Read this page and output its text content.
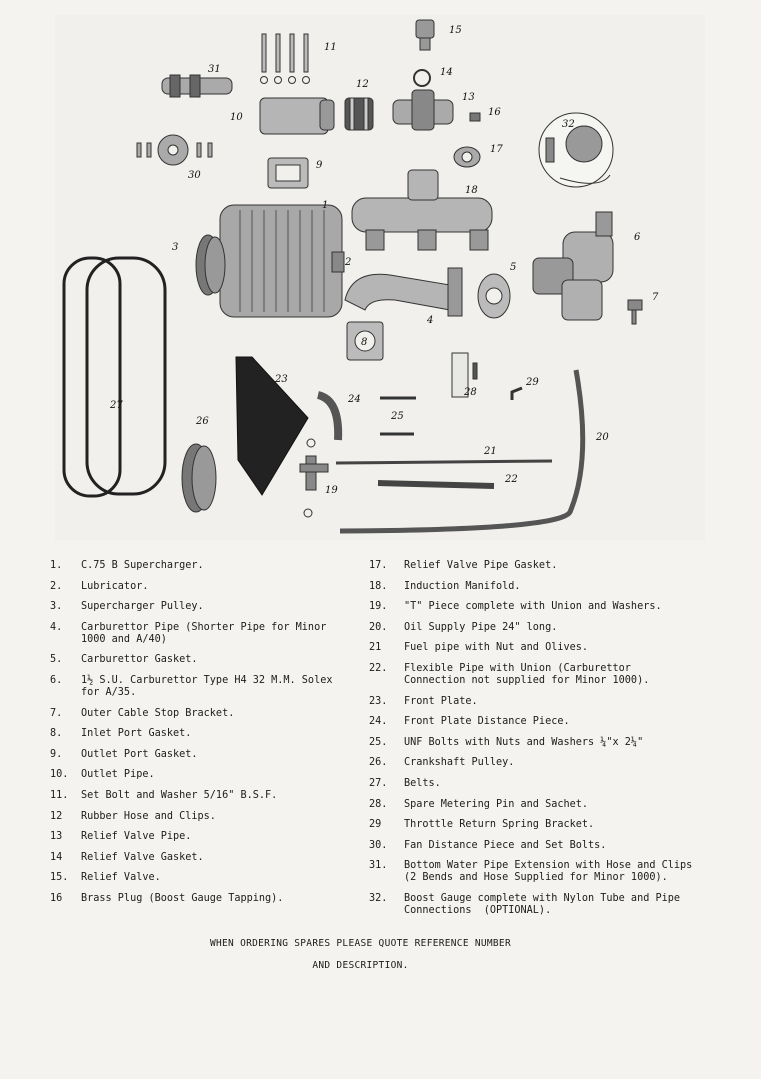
1
2
3
4
5
6
7
8
9
10
11
12
13
14
15
16
17
18
19
20
21
22
23
24
25
26
27
28
29
30
31
32
1. C.75 B Supercharger.
2. Lubricator.
3. Supercharger Pulley.
4. Carburettor Pipe (Shorter Pipe for Minor
1000 and A/40)
5. Carburettor Gasket.
6. 1½ S.U. Carburettor Type H4 32 M.M. Solex
for A/35.
7. Outer Cable Stop Bracket.
8. Inlet Port Gasket.
9. Outlet Port Gasket.
10. Outlet Pipe.
11. Set Bolt and Washer 5/16" B.S.F.
12 Rubber Hose and Clips.
13 Relief Valve Pipe.
14 Relief Valve Gasket.
15. Relief Valve.
16 Brass Plug (Boost Gauge Tapping).
17. Relief Valve Pipe Gasket.
18. Induction Manifold.
19. "T" Piece complete with Union and Washers.
20. Oil Supply Pipe 24" long.
21 Fuel pipe with Nut and Olives.
22. Flexible Pipe with Union (Carburettor
Connection not supplied for Minor 1000).
23. Front Plate.
24. Front Plate Distance Piece.
25. UNF Bolts with Nuts and Washers ¼"x 2¼"
26. Crankshaft Pulley.
27. Belts.
28. Spare Metering Pin and Sachet.
29 Throttle Return Spring Bracket.
30. Fan Distance Piece and Set Bolts.
31. Bottom Water Pipe Extension with Hose and Clips
(2 Bends and Hose Supplied for Minor 1000).
32. Boost Gauge complete with Nylon Tube and Pipe
Connections  (OPTIONAL).
WHEN ORDERING SPARES PLEASE QUOTE REFERENCE NUMBER
AND DESCRIPTION.
